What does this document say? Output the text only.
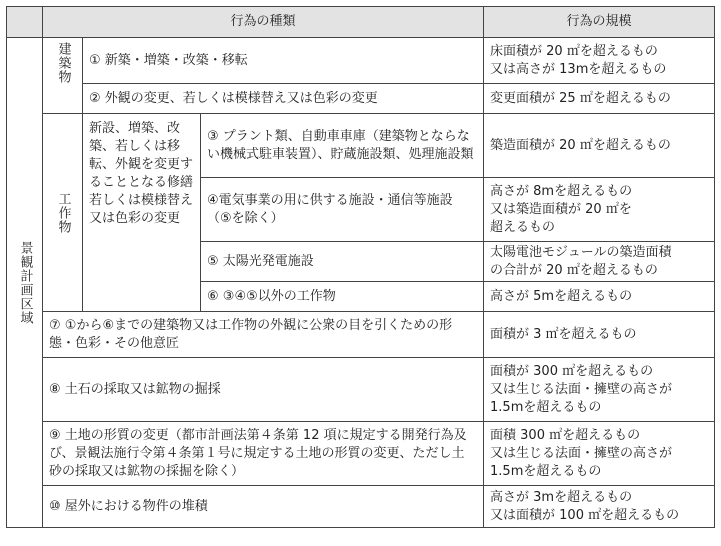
	行為の種類			行為の規模

景観計画区域	建築物	① 新築・増築・改築・移転		床面積が 20 ㎡を超えるもの
又は高さが 13mを超えるもの
		② 外観の変更、若しくは模様替え又は色彩の変更		変更面積が 25 ㎡を超えるもの

	工作物	新設、増築、改築、若しくは移転、外観を変更することとなる修繕若しくは模様替え又は色彩の変更	③ プラント類、自動車車庫（建築物とならない機械式駐車装置）、貯蔵施設類、処理施設類	築造面積が 20 ㎡を超えるもの
			④電気事業の用に供する施設・通信等施設（⑤を除く）	高さが 8mを超えるもの
又は築造面積が 20 ㎡を
超えるもの
			⑤ 太陽光発電施設	太陽電池モジュールの築造面積
の合計が 20 ㎡を超えるもの
			⑥ ③④⑤以外の工作物	高さが 5mを超えるもの
	⑦ ①から⑥までの建築物又は工作物の外観に公衆の目を引くための形態・色彩・その他意匠			面積が 3 ㎡を超えるもの
	⑧ 土石の採取又は鉱物の掘採			面積が 300 ㎡を超えるもの
又は生じる法面・擁壁の高さが
1.5mを超えるもの
	⑨ 土地の形質の変更（都市計画法第４条第 12 項に規定する開発行為及び、景観法施行令第４条第１号に規定する土地の形質の変更、ただし土砂の採取又は鉱物の採掘を除く）			面積 300 ㎡を超えるもの
又は生じる法面・擁壁の高さが
1.5mを超えるもの
	⑩ 屋外における物件の堆積			高さが 3mを超えるもの
又は面積が 100 ㎡を超えるもの
